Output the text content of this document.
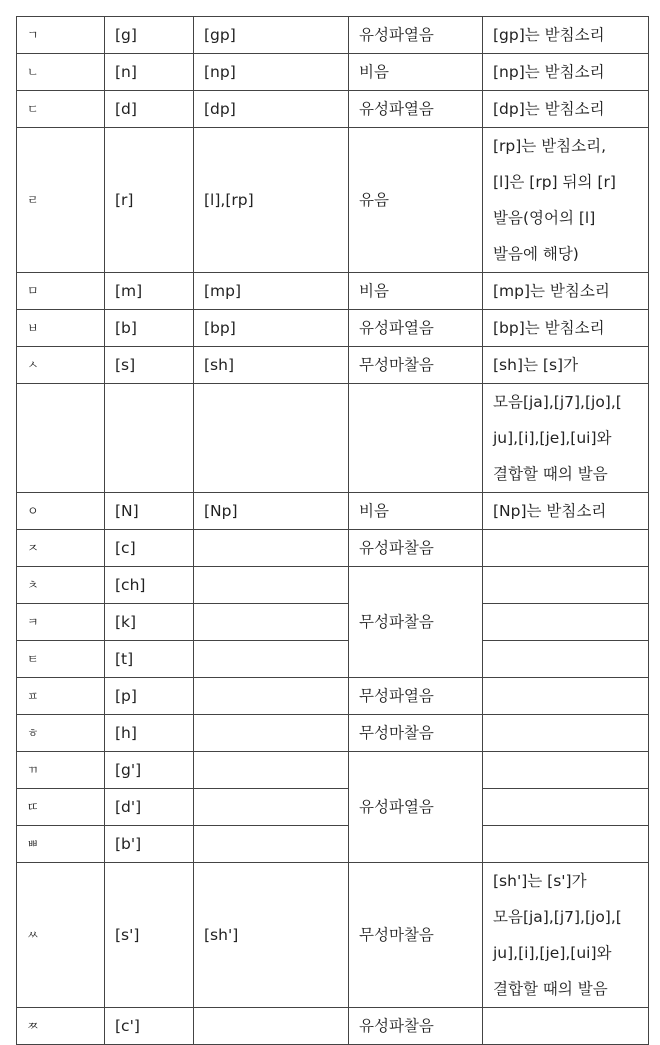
ㄱ	[g]	[gp]	유성파열음	[gp]는 받침소리

ㄴ	[n]	[np]	비음	[np]는 받침소리

ㄷ	[d]	[dp]	유성파열음	[dp]는 받침소리

ㄹ	[r]	[l],[rp]	유음	[rp]는 받침소리,
[l]은 [rp] 뒤의 [r]
발음(영어의 [l]
발음에 해당)

ㅁ	[m]	[mp]	비음	[mp]는 받침소리

ㅂ	[b]	[bp]	유성파열음	[bp]는 받침소리

ㅅ	[s]	[sh]	무성마찰음	[sh]는 [s]가

				모음[ja],[j7],[jo],[
ju],[i],[je],[ui]와
결합할 때의 발음

ㅇ	[N]	[Np]	비음	[Np]는 받침소리

ㅈ	[c]		유성파찰음	

ㅊ	[ch]		무성파찰음	

ㅋ	[k]			

ㅌ	[t]			

ㅍ	[p]		무성파열음	

ㅎ	[h]		무성마찰음	

ㄲ	[g']		유성파열음	

ㄸ	[d']			

ㅃ	[b']			

ㅆ	[s']	[sh']	무성마찰음	[sh']는 [s']가
모음[ja],[j7],[jo],[
ju],[i],[je],[ui]와
결합할 때의 발음

ㅉ	[c']		유성파찰음	
